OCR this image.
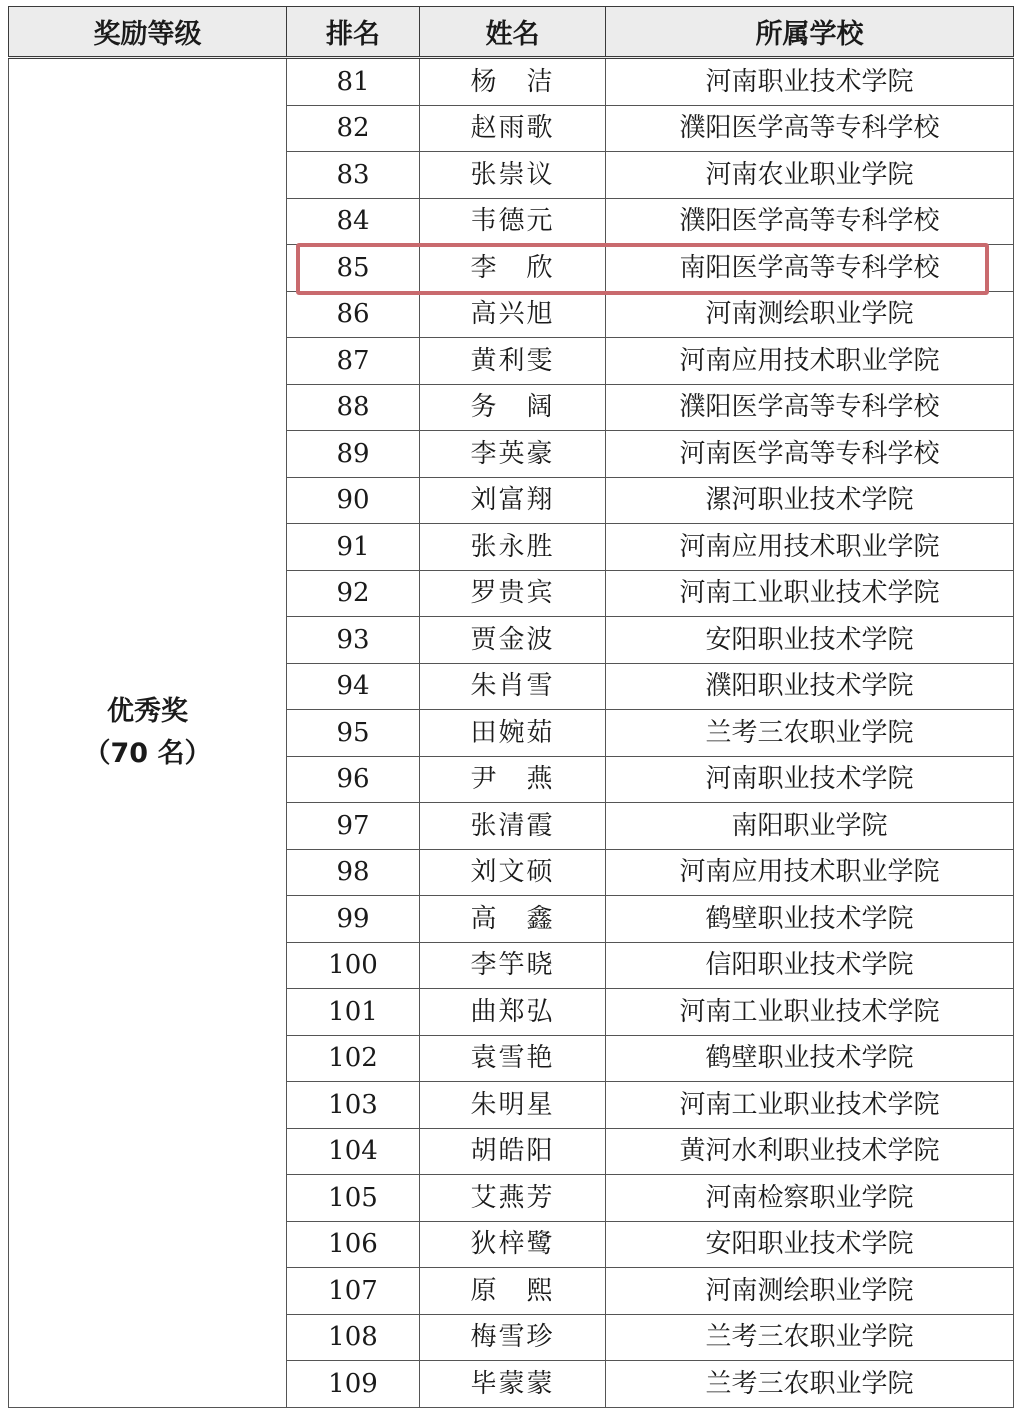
奖励等级	排名	姓名	所属学校

优秀奖
（70 名）	81	杨　洁	河南职业技术学院
	82	赵雨歌	濮阳医学高等专科学校
	83	张崇议	河南农业职业学院
	84	韦德元	濮阳医学高等专科学校
	85	李　欣	南阳医学高等专科学校
	86	高兴旭	河南测绘职业学院
	87	黄利雯	河南应用技术职业学院
	88	务　阔	濮阳医学高等专科学校
	89	李英豪	河南医学高等专科学校
	90	刘富翔	漯河职业技术学院
	91	张永胜	河南应用技术职业学院
	92	罗贵宾	河南工业职业技术学院
	93	贾金波	安阳职业技术学院
	94	朱肖雪	濮阳职业技术学院
	95	田婉茹	兰考三农职业学院
	96	尹　燕	河南职业技术学院
	97	张清霞	南阳职业学院
	98	刘文硕	河南应用技术职业学院
	99	高　鑫	鹤壁职业技术学院
	100	李竽晓	信阳职业技术学院
	101	曲郑弘	河南工业职业技术学院
	102	袁雪艳	鹤壁职业技术学院
	103	朱明星	河南工业职业技术学院
	104	胡皓阳	黄河水利职业技术学院
	105	艾燕芳	河南检察职业学院
	106	狄梓鹭	安阳职业技术学院
	107	原　熙	河南测绘职业学院
	108	梅雪珍	兰考三农职业学院
	109	毕蒙蒙	兰考三农职业学院
